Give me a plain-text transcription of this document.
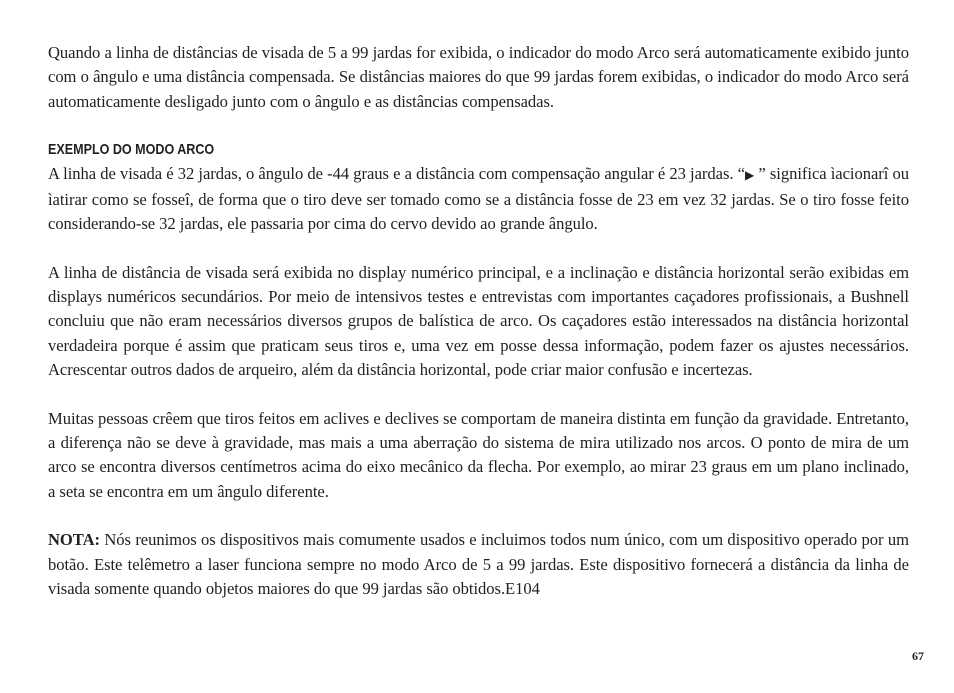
Quando a linha de distâncias de visada de 5 a 99 jardas for exibida, o indicador do modo Arco será automaticamente exibido junto com o ângulo e uma distância compensada. Se distâncias maiores do que 99 jardas forem exibidas, o indicador do modo Arco será automaticamente desligado junto com o ângulo e as distâncias compensadas.

EXEMPLO DO MODO ARCO

A linha de visada é 32 jardas, o ângulo de -44 graus e a distância com compensação angular é 23 jardas. “▶ ” significa ìacionarî ou ìatirar como se fosseî, de forma que o tiro deve ser tomado como se a distância fosse de 23 em vez 32 jardas. Se o tiro fosse feito considerando-se 32 jardas, ele passaria por cima do cervo devido ao grande ângulo.

A linha de distância de visada será exibida no display numérico principal, e a inclinação e distância horizontal serão exibidas em displays numéricos secundários. Por meio de intensivos testes e entrevistas com importantes caçadores profissionais, a Bushnell concluiu que não eram necessários diversos grupos de balística de arco. Os caçadores estão interessados na distância horizontal verdadeira porque é assim que praticam seus tiros e, uma vez em posse dessa informação, podem fazer os ajustes necessários. Acrescentar outros dados de arqueiro, além da distância horizontal, pode criar maior confusão e incertezas.

Muitas pessoas crêem que tiros feitos em aclives e declives se comportam de maneira distinta em função da gravidade. Entretanto, a diferença não se deve à gravidade, mas mais a uma aberração do sistema de mira utilizado nos arcos. O ponto de mira de um arco se encontra diversos centímetros acima do eixo mecânico da flecha. Por exemplo, ao mirar 23 graus em um plano inclinado, a seta se encontra em um ângulo diferente.

NOTA: Nós reunimos os dispositivos mais comumente usados e incluimos todos num único, com um dispositivo operado por um botão. Este telêmetro a laser funciona sempre no modo Arco de 5 a 99 jardas. Este dispositivo fornecerá a distância da linha de visada somente quando objetos maiores do que 99 jardas são obtidos.E104

67
